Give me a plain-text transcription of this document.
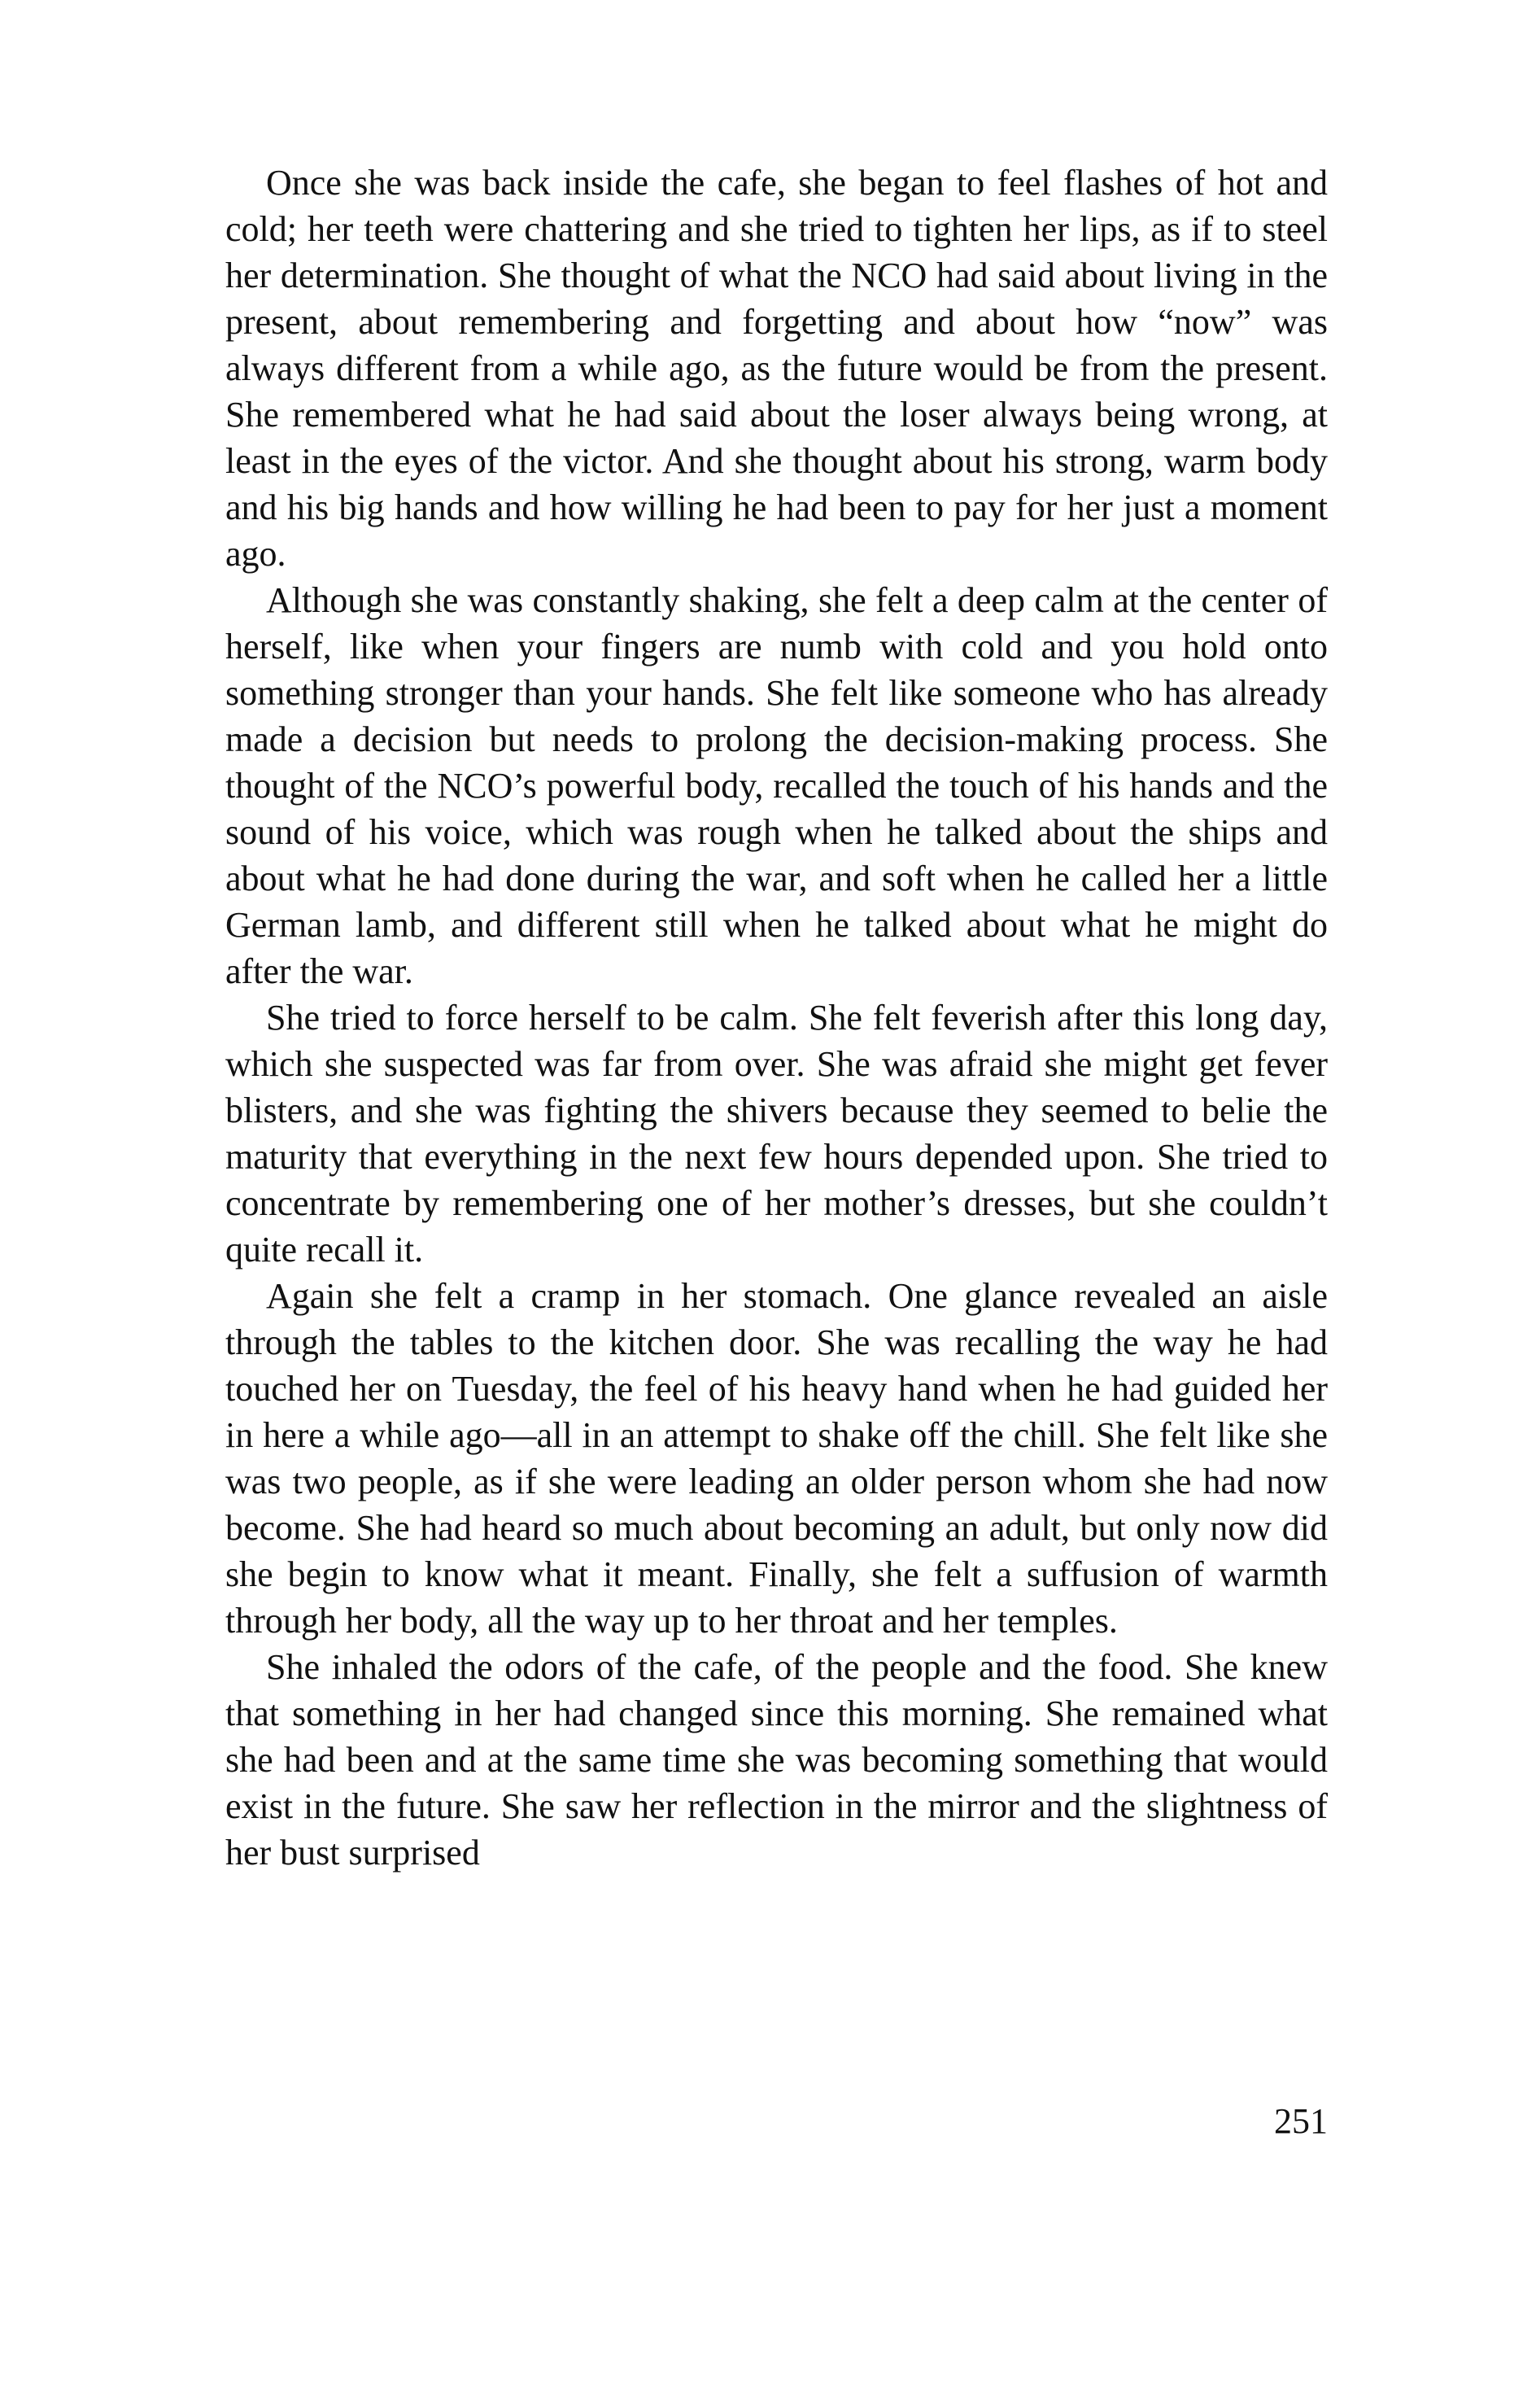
Once she was back inside the cafe, she began to feel flashes of hot and cold; her teeth were chattering and she tried to tighten her lips, as if to steel her determination. She thought of what the NCO had said about living in the present, about remembering and forgetting and about how “now” was always different from a while ago, as the future would be from the present. She remembered what he had said about the loser always being wrong, at least in the eyes of the victor. And she thought about his strong, warm body and his big hands and how willing he had been to pay for her just a moment ago.

Although she was constantly shaking, she felt a deep calm at the center of herself, like when your fingers are numb with cold and you hold onto something stronger than your hands. She felt like someone who has already made a decision but needs to prolong the decision-making process. She thought of the NCO’s powerful body, recalled the touch of his hands and the sound of his voice, which was rough when he talked about the ships and about what he had done during the war, and soft when he called her a little German lamb, and different still when he talked about what he might do after the war.

She tried to force herself to be calm. She felt feverish after this long day, which she suspected was far from over. She was afraid she might get fever blisters, and she was fighting the shivers because they seemed to belie the maturity that everything in the next few hours depended upon. She tried to concentrate by remembering one of her mother’s dresses, but she couldn’t quite recall it.

Again she felt a cramp in her stomach. One glance revealed an aisle through the tables to the kitchen door. She was recalling the way he had touched her on Tuesday, the feel of his heavy hand when he had guided her in here a while ago—all in an attempt to shake off the chill. She felt like she was two people, as if she were leading an older person whom she had now become. She had heard so much about becoming an adult, but only now did she begin to know what it meant. Finally, she felt a suffusion of warmth through her body, all the way up to her throat and her temples.

She inhaled the odors of the cafe, of the people and the food. She knew that something in her had changed since this morning. She remained what she had been and at the same time she was becoming something that would exist in the future. She saw her reflection in the mirror and the slightness of her bust surprised

251
